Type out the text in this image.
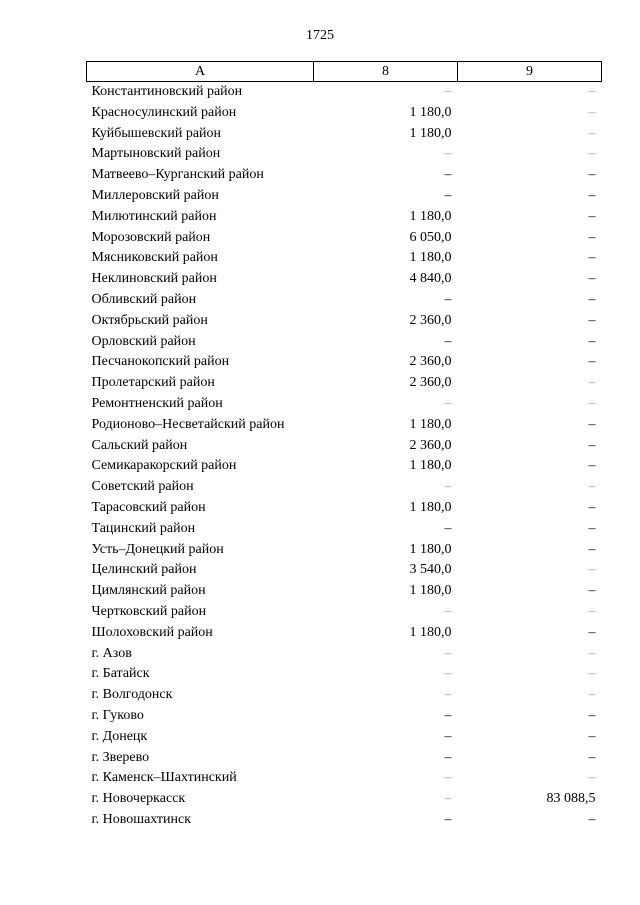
1725
А	8	9
Константиновский район	–	–
Красносулинский район	1 180,0	–
Куйбышевский район	1 180,0	–
Мартыновский район	–	–
Матвеево–Курганский район	–	–
Миллеровский район	–	–
Милютинский район	1 180,0	–
Морозовский район	6 050,0	–
Мясниковский район	1 180,0	–
Неклиновский район	4 840,0	–
Обливский район	–	–
Октябрьский район	2 360,0	–
Орловский район	–	–
Песчанокопский район	2 360,0	–
Пролетарский район	2 360,0	–
Ремонтненский район	–	–
Родионово–Несветайский район	1 180,0	–
Сальский район	2 360,0	–
Семикаракорский район	1 180,0	–
Советский район	–	–
Тарасовский район	1 180,0	–
Тацинский район	–	–
Усть–Донецкий район	1 180,0	–
Целинский район	3 540,0	–
Цимлянский район	1 180,0	–
Чертковский район	–	–
Шолоховский район	1 180,0	–
г. Азов	–	–
г. Батайск	–	–
г. Волгодонск	–	–
г. Гуково	–	–
г. Донецк	–	–
г. Зверево	–	–
г. Каменск–Шахтинский	–	–
г. Новочеркасск	–	83 088,5
г. Новошахтинск	–	–
